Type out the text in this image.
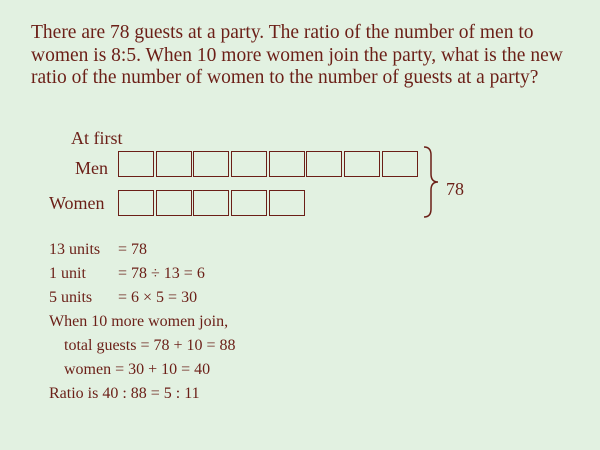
There are 78 guests at a party. The ratio of the number of men to women is 8:5. When 10 more women join the party, what is the new ratio of the number of women to the number of guests at a party?

At first
Men
Women
78
13 units = 78
1 unit = 78 ÷ 13 = 6
5 units = 6 × 5 = 30
When 10 more women join,
total guests = 78 + 10 = 88
women = 30 + 10 = 40
Ratio is 40 : 88 = 5 : 11
